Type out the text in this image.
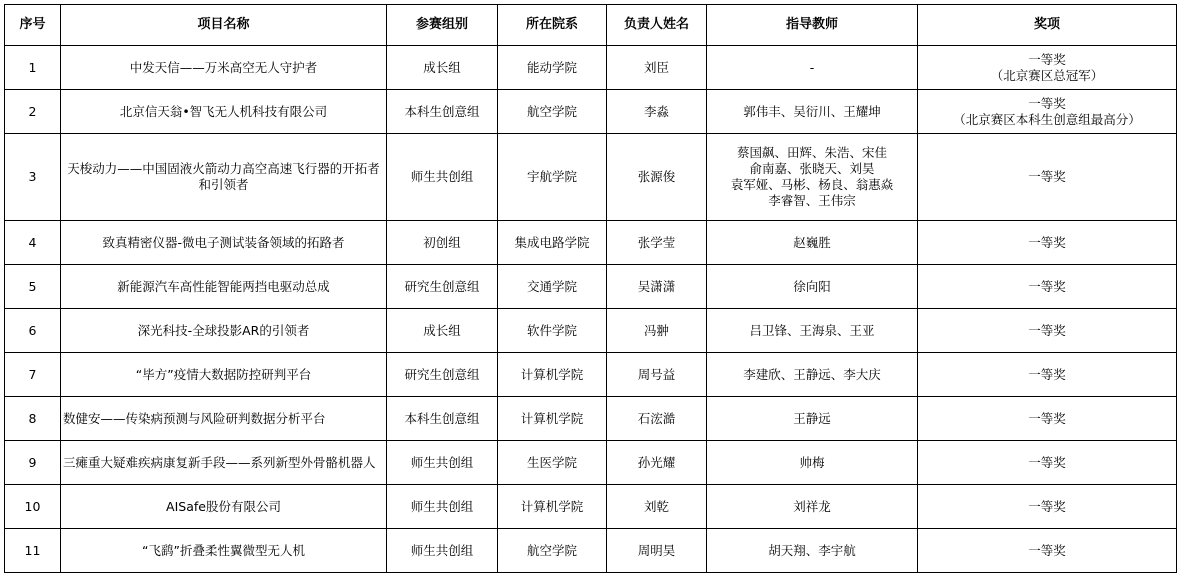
序号	项目名称	参赛组别	所在院系	负责人姓名	指导教师	奖项
1	中发天信——万米高空无人守护者	成长组	能动学院	刘臣	-	一等奖
（北京赛区总冠军）

2	北京信天翁•智飞无人机科技有限公司	本科生创意组	航空学院	李淼	郭伟丰、吴衍川、王耀坤	一等奖
（北京赛区本科生创意组最高分）

3	天梭动力——中国固液火箭动力高空高速飞行器的开拓者和引领者	师生共创组	宇航学院	张源俊	蔡国飙、田辉、朱浩、宋佳
俞南嘉、张晓天、刘昊
袁军娅、马彬、杨良、翁惠焱
李睿智、王伟宗	一等奖

4	致真精密仪器-微电子测试装备领域的拓路者	初创组	集成电路学院	张学莹	赵巍胜	一等奖

5	新能源汽车高性能智能两挡电驱动总成	研究生创意组	交通学院	吴潇潇	徐向阳	一等奖

6	深光科技-全球投影AR的引领者	成长组	软件学院	冯翀	吕卫锋、王海泉、王亚	一等奖

7	“毕方”疫情大数据防控研判平台	研究生创意组	计算机学院	周号益	李建欣、王静远、李大庆	一等奖

8	数健安——传染病预测与风险研判数据分析平台	本科生创意组	计算机学院	石浤澔	王静远	一等奖

9	三瘫重大疑难疾病康复新手段——系列新型外骨骼机器人	师生共创组	生医学院	孙光耀	帅梅	一等奖

10	AISafe股份有限公司	师生共创组	计算机学院	刘乾	刘祥龙	一等奖

11	“飞鹞”折叠柔性翼微型无人机	师生共创组	航空学院	周明昊	胡天翔、李宇航	一等奖
